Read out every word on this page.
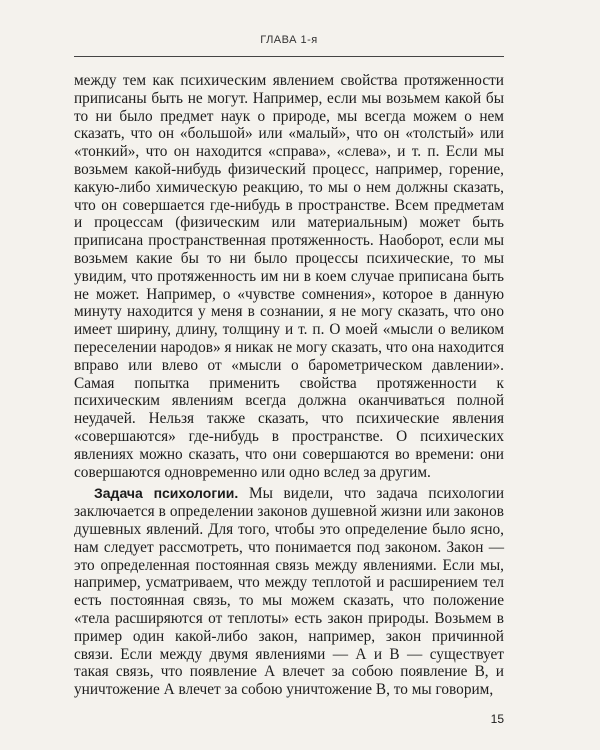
ГЛАВА 1-я

между тем как психическим явлением свойства протяженности приписаны быть не могут. Например, если мы возьмем какой бы то ни было предмет наук о природе, мы всегда можем о нем сказать, что он «большой» или «малый», что он «толстый» или «тонкий», что он находится «справа», «слева», и т. п. Если мы возьмем какой-нибудь физический процесс, например, горение, какую-либо химическую реакцию, то мы о нем должны сказать, что он совершается где-нибудь в пространстве. Всем предметам и процессам (физическим или материальным) может быть приписана пространственная протяженность. Наоборот, если мы возьмем какие бы то ни было процессы психические, то мы увидим, что протяженность им ни в коем случае приписана быть не может. Например, о «чувстве сомнения», которое в данную минуту находится у меня в сознании, я не могу сказать, что оно имеет ширину, длину, толщину и т. п. О моей «мысли о великом переселении народов» я никак не могу сказать, что она находится вправо или влево от «мысли о барометрическом давлении». Самая попытка применить свойства протяженности к психическим явлениям всегда должна оканчиваться полной неудачей. Нельзя также сказать, что психические явления «совершаются» где-нибудь в пространстве. О психических явлениях можно сказать, что они совершаются во времени: они совершаются одновременно или одно вслед за другим.

Задача психологии. Мы видели, что задача психологии заключается в определении законов душевной жизни или законов душевных явлений. Для того, чтобы это определение было ясно, нам следует рассмотреть, что понимается под законом. Закон — это определенная постоянная связь между явлениями. Если мы, например, усматриваем, что между теплотой и расширением тел есть постоянная связь, то мы можем сказать, что положение «тела расширяются от теплоты» есть закон природы. Возьмем в пример один какой-либо закон, например, закон причинной связи. Если между двумя явлениями — А и В — существует такая связь, что появление А влечет за собою появление В, и уничтожение А влечет за собою уничтожение В, то мы говорим,

15
